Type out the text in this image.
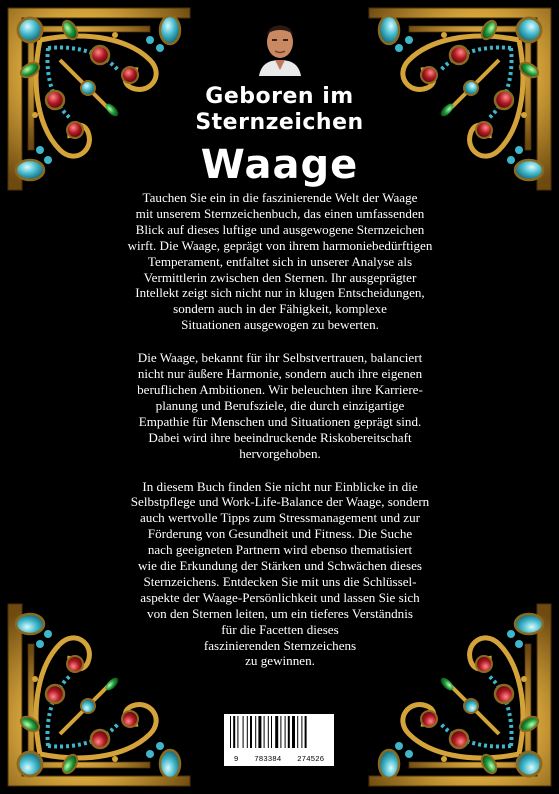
Geboren im
Sternzeichen
Waage

Tauchen Sie ein in die faszinierende Welt der Waage
mit unserem Sternzeichenbuch, das einen umfassenden
Blick auf dieses luftige und ausgewogene Sternzeichen
wirft. Die Waage, geprägt von ihrem harmoniebedürftigen
Temperament, entfaltet sich in unserer Analyse als
Vermittlerin zwischen den Sternen. Ihr ausgeprägter
Intellekt zeigt sich nicht nur in klugen Entscheidungen,
sondern auch in der Fähigkeit, komplexe
Situationen ausgewogen zu bewerten.

Die Waage, bekannt für ihr Selbstvertrauen, balanciert
nicht nur äußere Harmonie, sondern auch ihre eigenen
beruflichen Ambitionen. Wir beleuchten ihre Karriere-
planung und Berufsziele, die durch einzigartige
Empathie für Menschen und Situationen geprägt sind.
Dabei wird ihre beeindruckende Riskobereitschaft
hervorgehoben.

In diesem Buch finden Sie nicht nur Einblicke in die
Selbstpflege und Work-Life-Balance der Waage, sondern
auch wertvolle Tipps zum Stressmanagement und zur
Förderung von Gesundheit und Fitness. Die Suche
nach geeigneten Partnern wird ebenso thematisiert
wie die Erkundung der Stärken und Schwächen dieses
Sternzeichens. Entdecken Sie mit uns die Schlüssel-
aspekte der Waage-Persönlichkeit und lassen Sie sich
von den Sternen leiten, um ein tieferes Verständnis
für die Facetten dieses
faszinierenden Sternzeichens
zu gewinnen.

9 783384 274526
